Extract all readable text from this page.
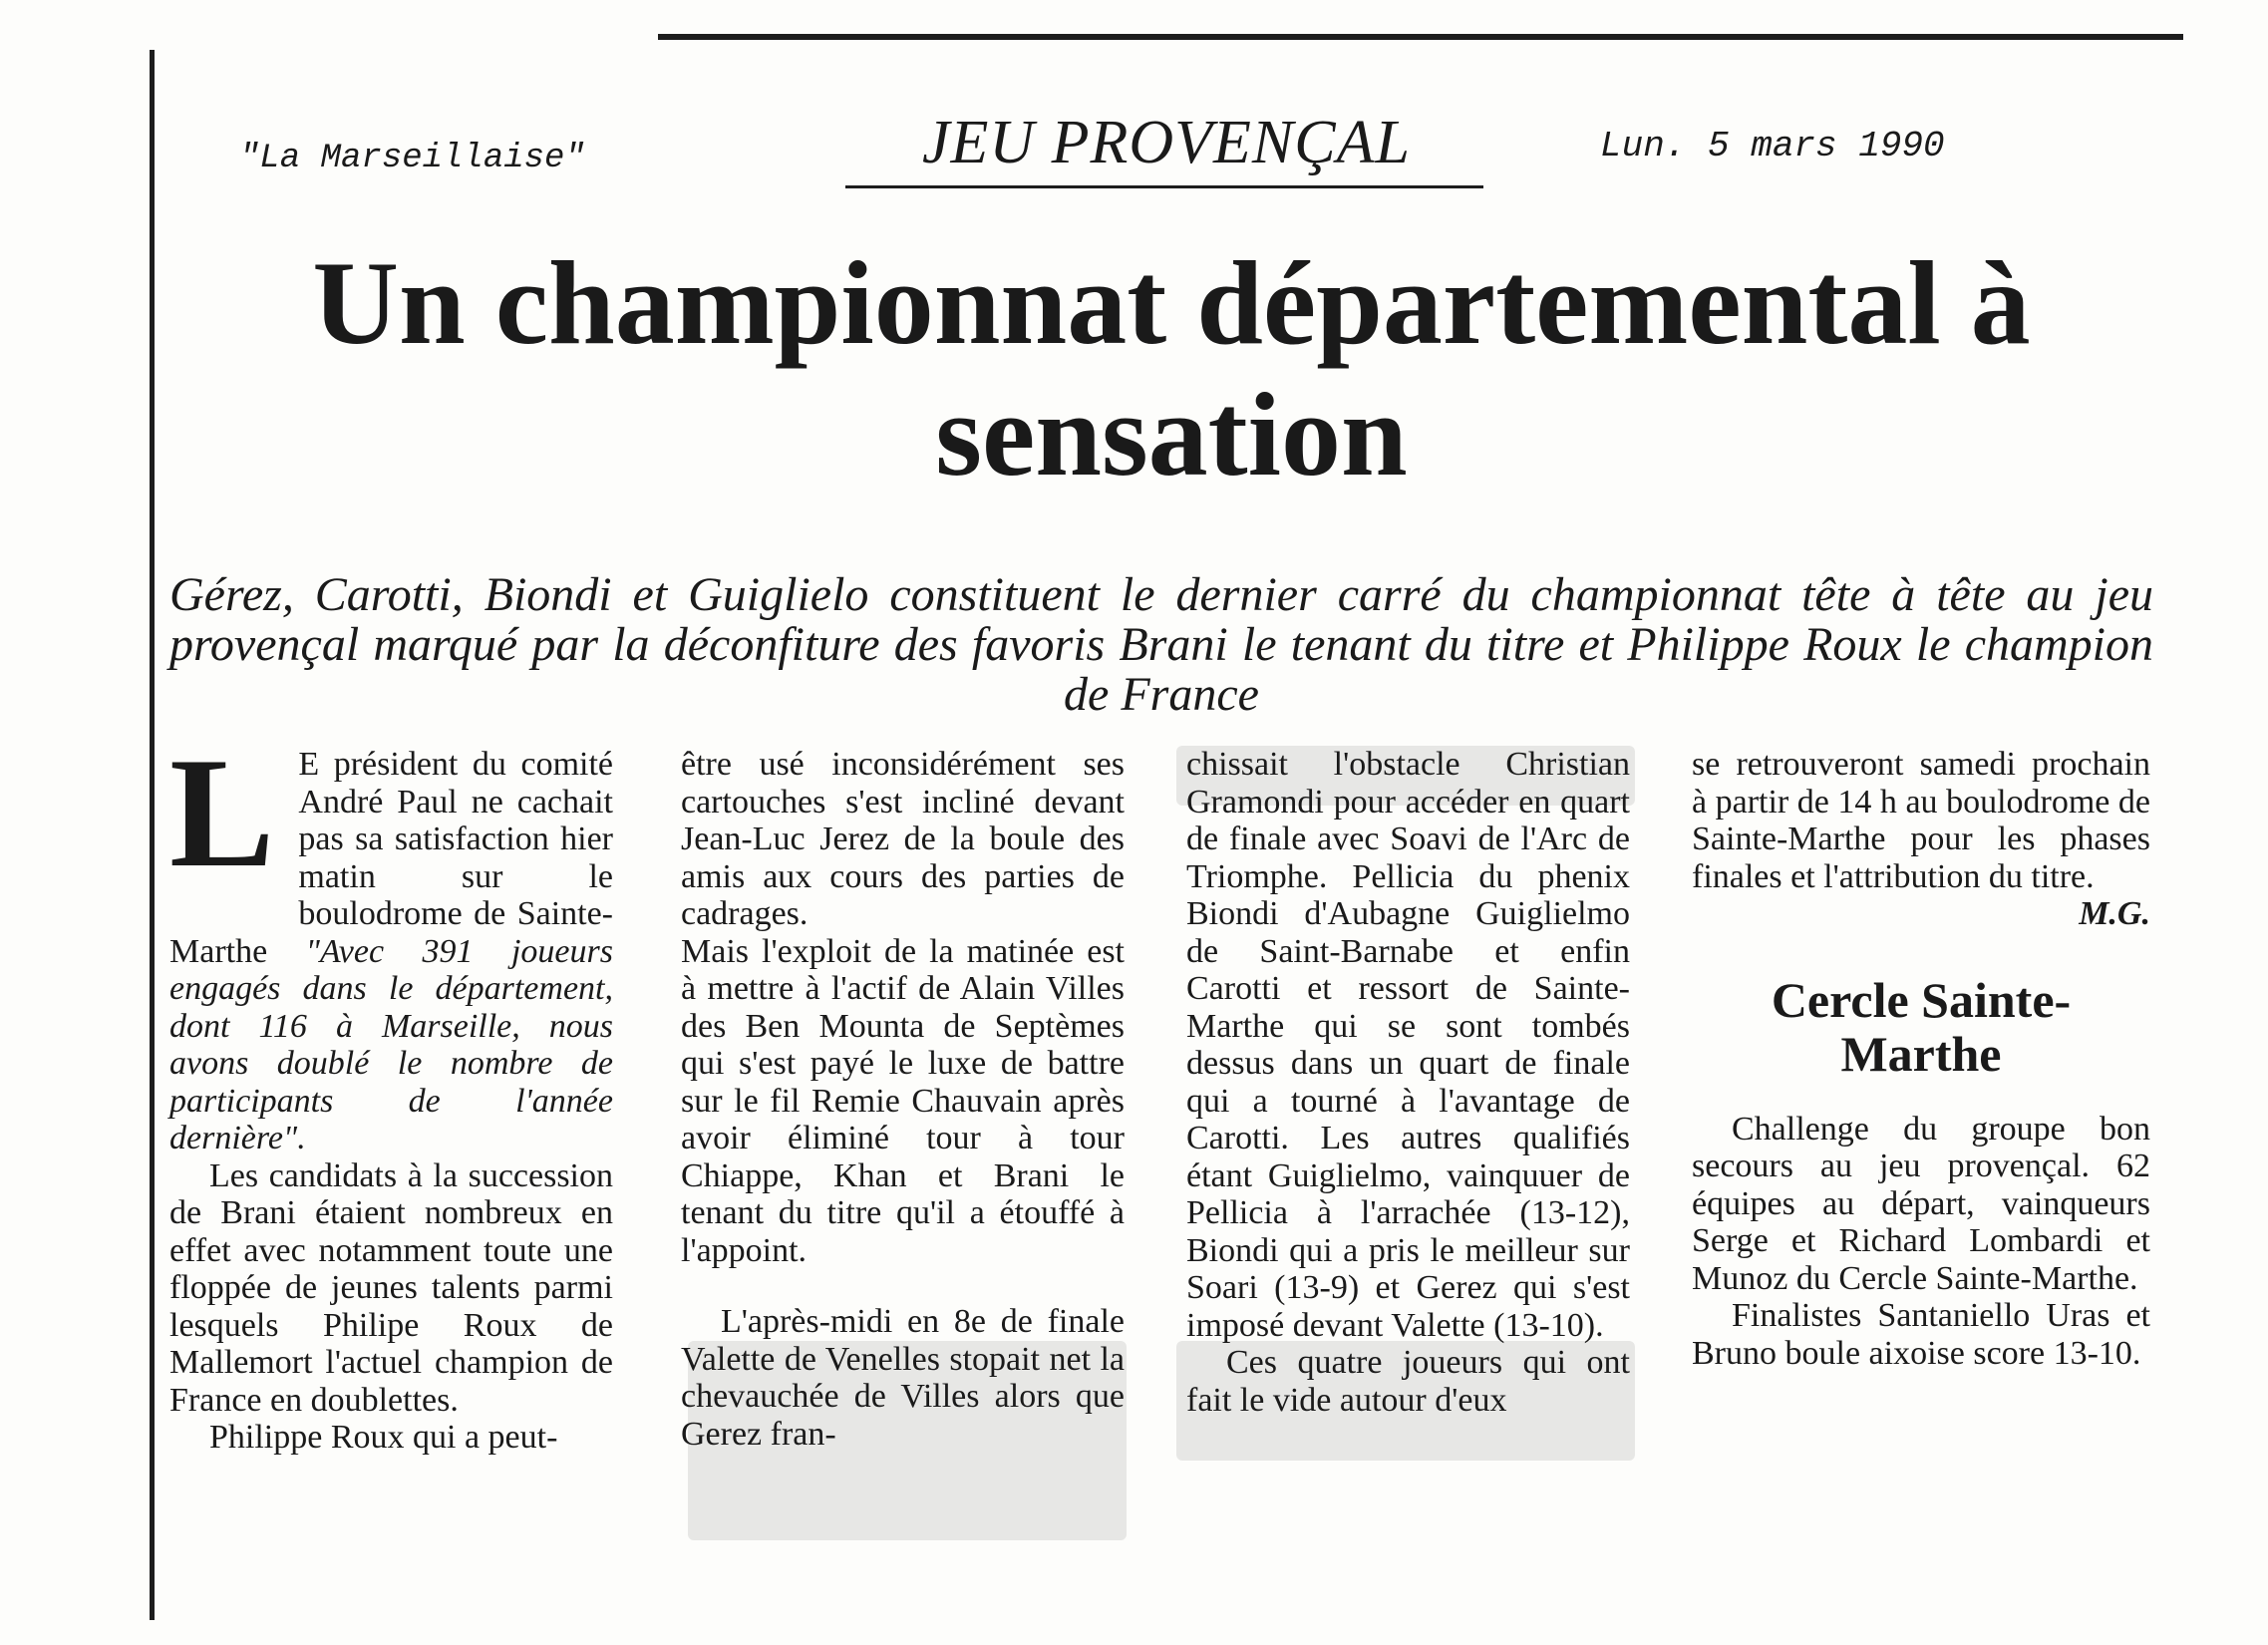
"La Marseillaise"	JEU PROVENÇAL	Lun. 5 mars 1990
Un championnat départemental à sensation
Gérez, Carotti, Biondi et Guiglielo constituent le dernier carré du championnat tête à tête au jeu provençal marqué par la déconfiture des favoris Brani le tenant du titre et Philippe Roux le champion de France
L E président du comité André Paul ne cachait pas sa satisfaction hier matin sur le boulodrome de Sainte-Marthe "Avec 391 joueurs engagés dans le département, dont 116 à Marseille, nous avons doublé le nombre de participants de l'année dernière".

Les candidats à la succession de Brani étaient nombreux en effet avec notamment toute une floppée de jeunes talents parmi lesquels Philipe Roux de Mallemort l'actuel champion de France en doublettes.

Philippe Roux qui a peut-

être usé inconsidérément ses cartouches s'est incliné devant Jean-Luc Jerez de la boule des amis aux cours des parties de cadrages.

Mais l'exploit de la matinée est à mettre à l'actif de Alain Villes des Ben Mounta de Septèmes qui s'est payé le luxe de battre sur le fil Remie Chauvain après avoir éliminé tour à tour Chiappe, Khan et Brani le tenant du titre qu'il a étouffé à l'appoint.

L'après-midi en 8e de finale Valette de Venelles stopait net la chevauchée de Villes alors que Gerez fran-

chissait l'obstacle Christian Gramondi pour accéder en quart de finale avec Soavi de l'Arc de Triomphe. Pellicia du phenix Biondi d'Aubagne Guiglielmo de Saint-Barnabe et enfin Carotti et ressort de Sainte-Marthe qui se sont tombés dessus dans un quart de finale qui a tourné à l'avantage de Carotti. Les autres qualifiés étant Guiglielmo, vainquuer de Pellicia à l'arrachée (13-12), Biondi qui a pris le meilleur sur Soari (13-9) et Gerez qui s'est imposé devant Valette (13-10).

Ces quatre joueurs qui ont fait le vide autour d'eux

se retrouveront samedi prochain à partir de 14 h au boulodrome de Sainte-Marthe pour les phases finales et l'attribution du titre.

M.G.

Cercle Sainte-Marthe

Challenge du groupe bon secours au jeu provençal. 62 équipes au départ, vainqueurs Serge et Richard Lombardi et Munoz du Cercle Sainte-Marthe.

Finalistes Santaniello Uras et Bruno boule aixoise score 13-10.
